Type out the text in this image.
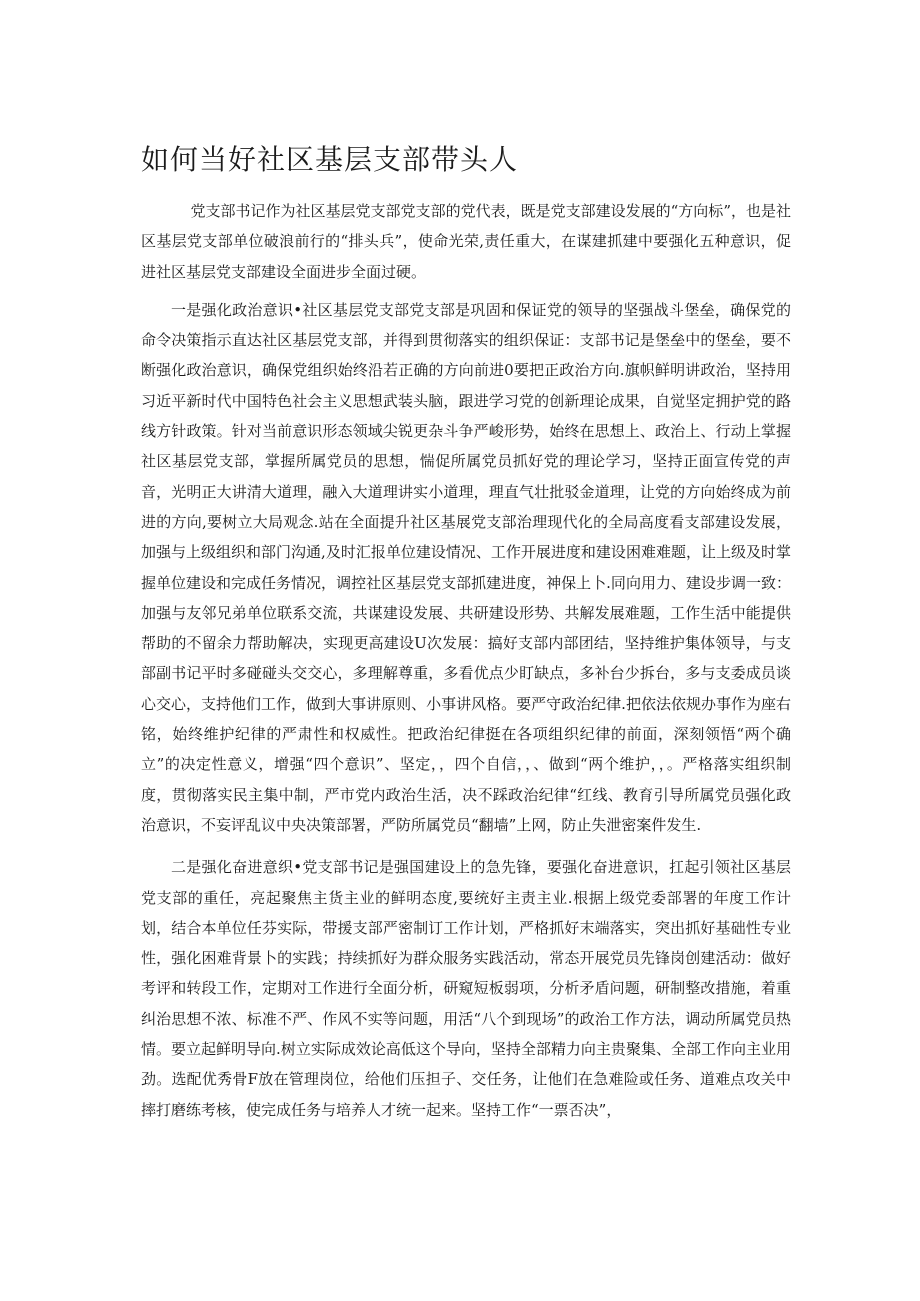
如何当好社区基层支部带头人

党支部书记作为社区基层党支部党支部的党代表，既是党支部建设发展的“方向标”，也是社区基层党支部单位破浪前行的“排头兵”，使命光荣,责任重大，在谋建抓建中要强化五种意识，促进社区基层党支部建设全面进步全面过硬。

一是强化政治意识•社区基层党支部党支部是巩固和保证党的领导的坚强战斗堡垒，确保党的命令决策指示直达社区基层党支部，并得到贯彻落实的组织保证：支部书记是堡垒中的堡垒，要不断强化政治意识，确保党组织始终沿若正确的方向前进0要把正政治方向.旗帜鲜明讲政治，坚持用习近平新时代中国特色社会主义思想武装头脑，跟进学习党的创新理论成果，自觉坚定拥护党的路线方针政策。针对当前意识形态领域尖锐更杂斗争严峻形势，始终在思想上、政治上、行动上掌握社区基层党支部，掌握所属党员的思想，惴促所属党员抓好党的理论学习，坚持正面宣传党的声音，光明正大讲清大道理，融入大道理讲实小道理，理直气壮批驳金道理，让党的方向始终成为前进的方向,要树立大局观念.站在全面提升社区基展党支部治理现代化的全局高度看支部建设发展，加强与上级组织和部门沟通,及时汇报单位建设情况、工作开展进度和建设困难难题，让上级及时掌握单位建设和完成任务情况，调控社区基层党支部抓建进度，神保上卜.同向用力、建设步调一致：加强与友邻兄弟单位联系交流，共谋建设发展、共研建设形势、共解发展难题，工作生活中能提供帮助的不留余力帮助解决，实现更高建设U次发展：搞好支部内部团结，坚持维护集体领导，与支部副书记平时多碰碰头交交心，多理解尊重，多看优点少盯缺点，多补台少拆台，多与支委成员谈心交心，支持他们工作，做到大事讲原则、小事讲风格。要严守政治纪律.把依法依规办事作为座右铭，始终维护纪律的严肃性和权威性。把政治纪律挺在各项组织纪律的前面，深刻领悟“两个确立”的决定性意义，增强“四个意识”、坚定，，四个自信，，、做到“两个维护，，。严格落实组织制度，贯彻落实民主集中制，严市党内政治生活，决不踩政治纪律“红线、教育引导所属党员强化政治意识，不妄评乱议中央决策部署，严防所属党员“翻墙”上网，防止失泄密案件发生.

二是强化奋进意织•党支部书记是强国建设上的急先锋，要强化奋进意识，扛起引领社区基层党支部的重任，亮起聚焦主货主业的鲜明态度,要统好主责主业.根据上级党委部署的年度工作计划，结合本单位任芬实际，带援支部严密制订工作计划，严格抓好末端落实，突出抓好基础性专业性，强化困难背景卜的实践；持续抓好为群众服务实践活动，常态开展党员先锋岗创建活动：做好考评和转段工作，定期对工作进行全面分析，研窥短板弱项，分析矛盾问题，研制整改措施，着重纠治思想不浓、标准不严、作风不实等问题，用活“八个到现场”的政治工作方法，调动所属党员热情。要立起鲜明导向.树立实际成效论高低这个导向，坚持全部精力向主贵聚集、全部工作向主业用劲。选配优秀骨F放在管理岗位，给他们压担子、交任务，让他们在急难险或任务、道难点攻关中摔打磨练考核，使完成任务与培养人才统一起来。坚持工作“一票否决”，
